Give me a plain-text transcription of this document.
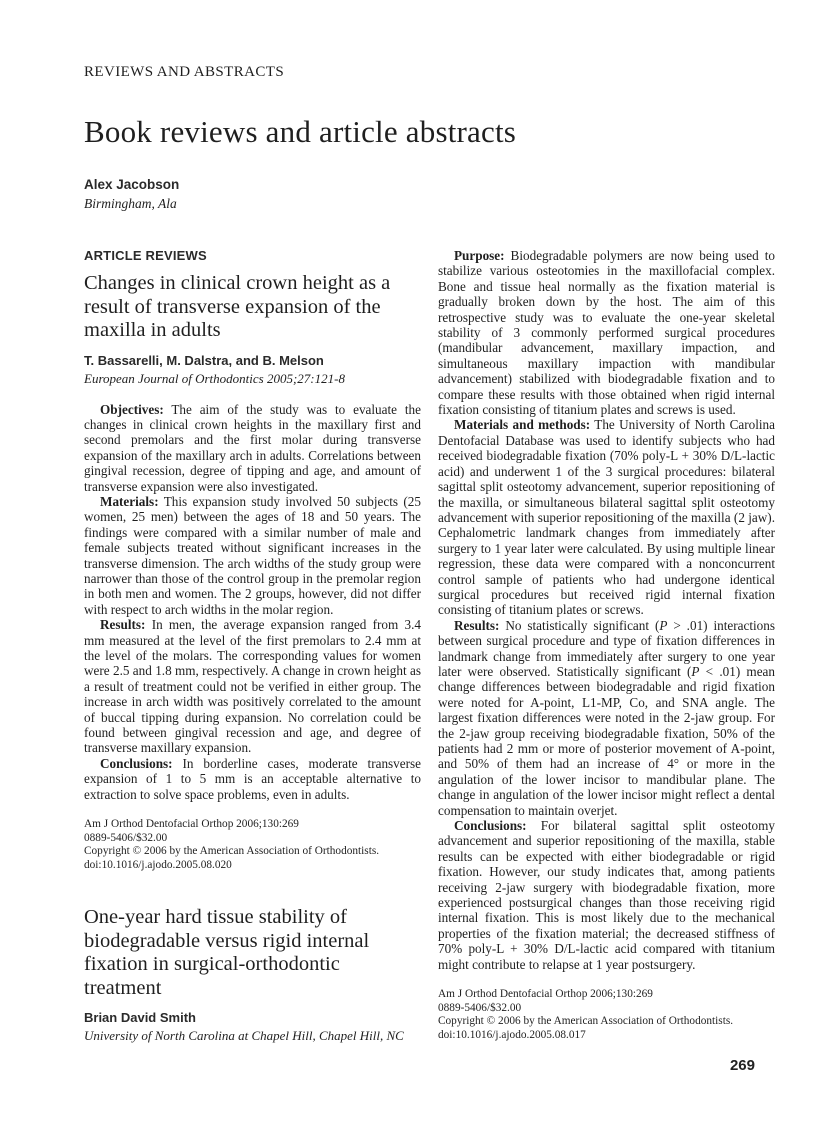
REVIEWS AND ABSTRACTS
Book reviews and article abstracts
Alex Jacobson
Birmingham, Ala
ARTICLE REVIEWS
Changes in clinical crown height as a result of transverse expansion of the maxilla in adults
T. Bassarelli, M. Dalstra, and B. Melson
European Journal of Orthodontics 2005;27:121-8

Objectives: The aim of the study was to evaluate the changes in clinical crown heights in the maxillary first and second premolars and the first molar during transverse expansion of the maxillary arch in adults. Correlations between gingival recession, degree of tipping and age, and amount of transverse expansion were also investigated.

Materials: This expansion study involved 50 subjects (25 women, 25 men) between the ages of 18 and 50 years. The findings were compared with a similar number of male and female subjects treated without significant increases in the transverse dimension. The arch widths of the study group were narrower than those of the control group in the premolar region in both men and women. The 2 groups, however, did not differ with respect to arch widths in the molar region.

Results: In men, the average expansion ranged from 3.4 mm measured at the level of the first premolars to 2.4 mm at the level of the molars. The corresponding values for women were 2.5 and 1.8 mm, respectively. A change in crown height as a result of treatment could not be verified in either group. The increase in arch width was positively correlated to the amount of buccal tipping during expansion. No correlation could be found between gingival recession and age, and degree of transverse maxillary expansion.

Conclusions: In borderline cases, moderate transverse expansion of 1 to 5 mm is an acceptable alternative to extraction to solve space problems, even in adults.

Am J Orthod Dentofacial Orthop 2006;130:269
0889-5406/$32.00
Copyright © 2006 by the American Association of Orthodontists.
doi:10.1016/j.ajodo.2005.08.020
One-year hard tissue stability of biodegradable versus rigid internal fixation in surgical-orthodontic treatment
Brian David Smith
University of North Carolina at Chapel Hill, Chapel Hill, NC

Purpose: Biodegradable polymers are now being used to stabilize various osteotomies in the maxillofacial complex. Bone and tissue heal normally as the fixation material is gradually broken down by the host. The aim of this retrospective study was to evaluate the one-year skeletal stability of 3 commonly performed surgical procedures (mandibular advancement, maxillary impaction, and simultaneous maxillary impaction with mandibular advancement) stabilized with biodegradable fixation and to compare these results with those obtained when rigid internal fixation consisting of titanium plates and screws is used.

Materials and methods: The University of North Carolina Dentofacial Database was used to identify subjects who had received biodegradable fixation (70% poly-L + 30% D/L-lactic acid) and underwent 1 of the 3 surgical procedures: bilateral sagittal split osteotomy advancement, superior repositioning of the maxilla, or simultaneous bilateral sagittal split osteotomy advancement with superior repositioning of the maxilla (2 jaw). Cephalometric landmark changes from immediately after surgery to 1 year later were calculated. By using multiple linear regression, these data were compared with a nonconcurrent control sample of patients who had undergone identical surgical procedures but received rigid internal fixation consisting of titanium plates or screws.

Results: No statistically significant (P > .01) interactions between surgical procedure and type of fixation differences in landmark change from immediately after surgery to one year later were observed. Statistically significant (P < .01) mean change differences between biodegradable and rigid fixation were noted for A-point, L1-MP, Co, and SNA angle. The largest fixation differences were noted in the 2-jaw group. For the 2-jaw group receiving biodegradable fixation, 50% of the patients had 2 mm or more of posterior movement of A-point, and 50% of them had an increase of 4° or more in the angulation of the lower incisor to mandibular plane. The change in angulation of the lower incisor might reflect a dental compensation to maintain overjet.

Conclusions: For bilateral sagittal split osteotomy advancement and superior repositioning of the maxilla, stable results can be expected with either biodegradable or rigid fixation. However, our study indicates that, among patients receiving 2-jaw surgery with biodegradable fixation, more experienced postsurgical changes than those receiving rigid internal fixation. This is most likely due to the mechanical properties of the fixation material; the decreased stiffness of 70% poly-L + 30% D/L-lactic acid compared with titanium might contribute to relapse at 1 year postsurgery.

Am J Orthod Dentofacial Orthop 2006;130:269
0889-5406/$32.00
Copyright © 2006 by the American Association of Orthodontists.
doi:10.1016/j.ajodo.2005.08.017
269
